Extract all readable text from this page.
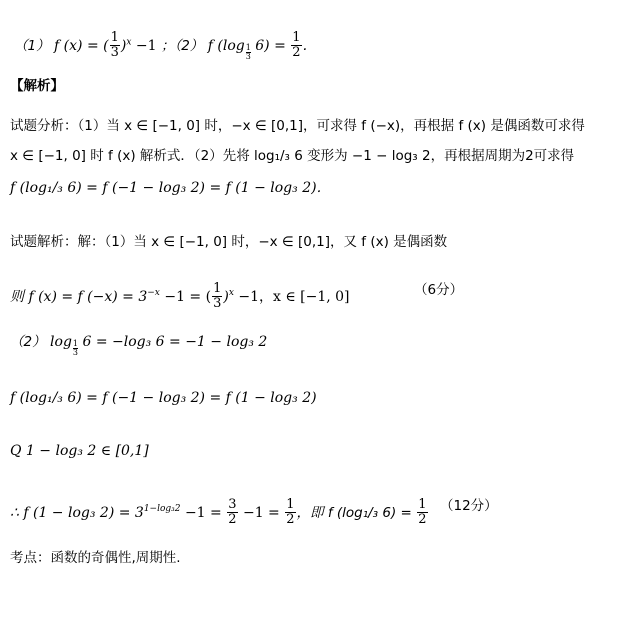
（1） f (x) = ( $\frac{1}{3} )^x -1$ ；（2） f $(\log \frac{1}{3} 6) = \frac{1}{2}$ .
【解析】
试题分析：（1）当 x ∈ [−1, 0] 时，−x ∈ [0,1]，可求得 f (−x)，再根据 f (x) 是偶函数可求得
x ∈ [−1, 0] 时 f (x) 解析式．（2）先将 log₁/₃ 6 变形为 −1 − log₃ 2，再根据周期为2可求得
f (log₁/₃ 6) = f (−1 − log₃ 2) = f (1 − log₃ 2)．
试题解析：解：（1）当 x ∈ [−1, 0] 时，−x ∈ [0,1]，又 f (x) 是偶函数
则 f (x) = f $(-x) = 3^{-x} -1$ = ( $\frac{1}{3} )^x -1$，x ∈ [−1, 0]	（6分）
（2） $\log \frac{1}{3} 6 = -\log_3$ 6 = −1 − log₃ 2
f (log₁/₃ 6) = f (−1 − log₃ 2) = f (1 − log₃ 2)
Q 1 − log₃ 2 ∈ [0,1]
∴ f (1 − log₃ $2) = 3^{1-log_32} -1 = \frac{3}{2} -1 = \frac{1}{2}$ ，即 f (log₁/₃ $6) = \frac{1}{2} (12$分）
考点：函数的奇偶性,周期性.
